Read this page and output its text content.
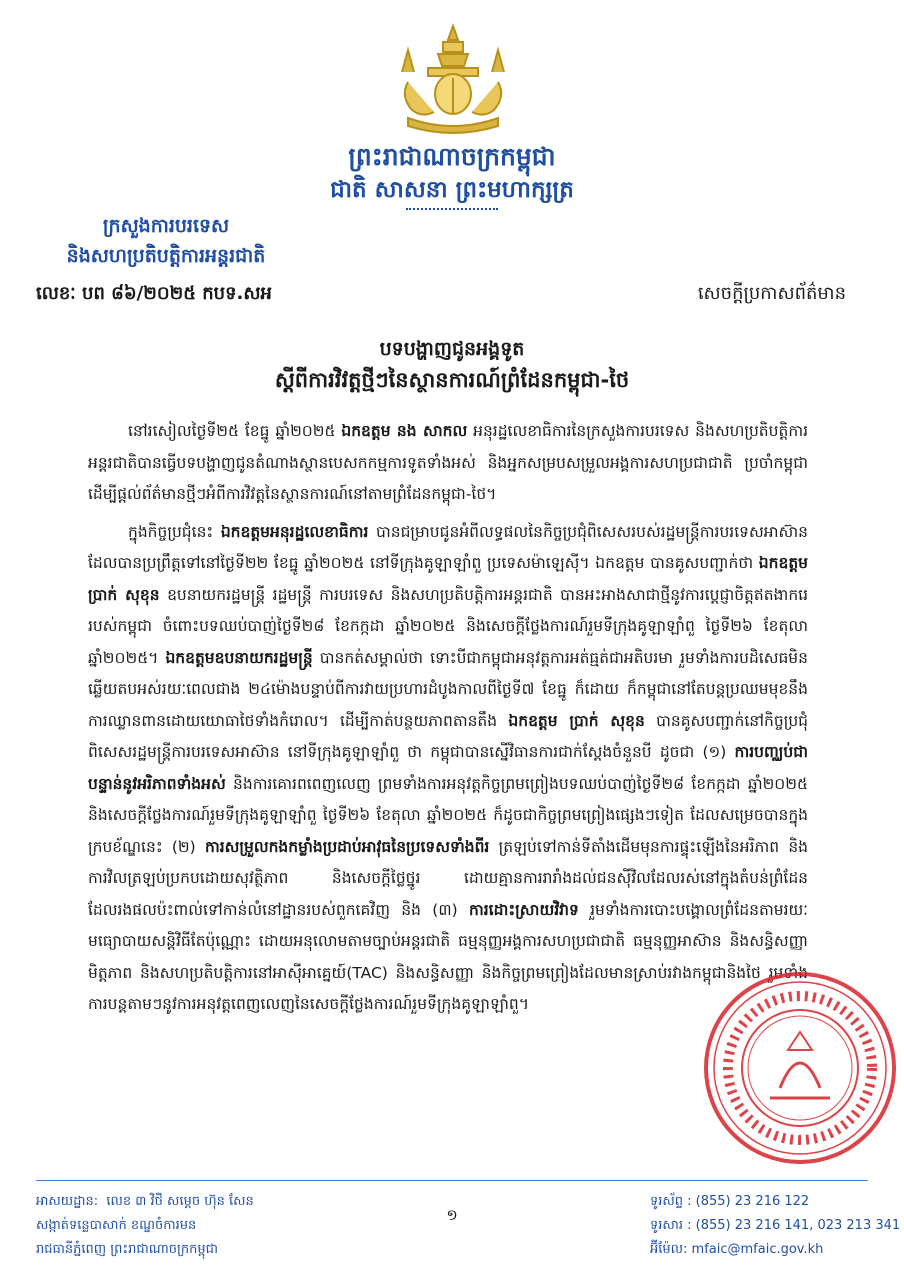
ព្រះរាជាណាចក្រកម្ពុជា
ជាតិ សាសនា ព្រះមហាក្សត្រ
ក្រសួងការបរទេស
និងសហប្រតិបត្តិការអន្តរជាតិ
លេខៈ បព ៨៦/២០២៥ កបទ.សអ	សេចក្ដីប្រកាសព័ត៌មាន
បទបង្ហាញជូនអង្គទូត
ស្ដីពីការវិវត្តថ្មីៗនៃស្ថានការណ៍ព្រំដែនកម្ពុជា-ថៃ

នៅរសៀលថ្ងៃទី២៥ ខែធ្នូ ឆ្នាំ២០២៥ ឯកឧត្តម នង សាកល អនុរដ្ឋលេខាធិការនៃក្រសួងការបរទេស និងសហប្រតិបត្តិការអន្តរជាតិបានធ្វើបទបង្ហាញជូនតំណាងស្ថានបេសកកម្មការទូតទាំងអស់ និងអ្នកសម្របសម្រួលអង្គការសហប្រជាជាតិ ប្រចាំកម្ពុជាដើម្បីផ្តល់ព័ត៌មានថ្មីៗអំពីការវិវត្តនៃស្ថានការណ៍នៅតាមព្រំដែនកម្ពុជា-ថៃ។

ក្នុងកិច្ចប្រជុំនេះ ឯកឧត្តមអនុរដ្ឋលេខាធិការ បានជម្រាបជូនអំពីលទ្ធផលនៃកិច្ចប្រជុំពិសេសរបស់រដ្ឋមន្ត្រីការបរទេសអាស៊ាន ដែលបានប្រព្រឹត្តទៅនៅថ្ងៃទី២២ ខែធ្នូ ឆ្នាំ២០២៥ នៅទីក្រុងគូឡាឡាំពួ ប្រទេសម៉ាឡេស៊ី។ ឯកឧត្តម បានគូសបញ្ជាក់ថា ឯកឧត្តម ប្រាក់ សុខុន ឧបនាយករដ្ឋមន្ត្រី រដ្ឋមន្ត្រី ការបរទេស និងសហប្រតិបត្តិការអន្តរជាតិ បានអះអាងសាជាថ្មីនូវការប្តេជ្ញាចិត្តឥតងាករេរបស់កម្ពុជា ចំពោះបទឈប់បាញ់ថ្ងៃទី២៨ ខែកក្កដា ឆ្នាំ២០២៥ និងសេចក្តីថ្លែងការណ៍រួមទីក្រុងគូឡាឡាំពួ ថ្ងៃទី២៦ ខែតុលា ឆ្នាំ២០២៥។ ឯកឧត្តមឧបនាយករដ្ឋមន្ត្រី បានកត់សម្គាល់ថា ទោះបីជាកម្ពុជាអនុវត្តការអត់ធ្មត់ជាអតិបរមា រួមទាំងការបដិសេធមិនឆ្លើយតបអស់រយៈពេលជាង ២៤ម៉ោងបន្ទាប់ពីការវាយប្រហារដំបូងកាលពីថ្ងៃទី៧ ខែធ្នូ ក៏ដោយ ក៏កម្ពុជានៅតែបន្តប្រឈមមុខនឹងការឈ្លានពានដោយយោធាថៃទាំងកំរោល។ ដើម្បីកាត់បន្ថយភាពតានតឹង ឯកឧត្តម ប្រាក់ សុខុន បានគូសបញ្ជាក់នៅកិច្ចប្រជុំពិសេសរដ្ឋមន្ត្រីការបរទេសអាស៊ាន នៅទីក្រុងគូឡាឡាំពួ ថា កម្ពុជាបានស្នើវិធានការជាក់ស្តែងចំនួនបី ដូចជា (១) ការបញ្ឈប់ជាបន្ទាន់នូវអរិភាពទាំងអស់ និងការគោរពពេញលេញ ព្រមទាំងការអនុវត្តកិច្ចព្រមព្រៀងបទឈប់បាញ់ថ្ងៃទី២៨ ខែកក្កដា ឆ្នាំ២០២៥ និងសេចក្តីថ្លែងការណ៍រួមទីក្រុងគូឡាឡាំពួ ថ្ងៃទី២៦ ខែតុលា ឆ្នាំ២០២៥ ក៏ដូចជាកិច្ចព្រមព្រៀងផ្សេងៗទៀត ដែលសម្រេចបានក្នុងក្របខ័ណ្ឌនេះ (២) ការសម្រួលកងកម្លាំងប្រដាប់អាវុធនៃប្រទេសទាំងពីរ ត្រឡប់ទៅកាន់ទីតាំងដើមមុនការផ្ទុះឡើងនៃអរិភាព និងការវិលត្រឡប់ប្រកបដោយសុវត្ថិភាព និងសេចក្តីថ្លៃថ្នូរ ដោយគ្មានការរារាំងដល់ជនស៊ីវិលដែលរស់នៅក្នុងតំបន់ព្រំដែនដែលរងផលប៉ះពាល់ទៅកាន់លំនៅដ្ឋានរបស់ពួកគេវិញ និង (៣) ការដោះស្រាយវិវាទ រួមទាំងការបោះបង្គោលព្រំដែនតាមរយៈមធ្យោបាយសន្តិវិធីតែប៉ុណ្ណោះ ដោយអនុលោមតាមច្បាប់អន្តរជាតិ ធម្មនុញ្ញអង្គការសហប្រជាជាតិ ធម្មនុញ្ញអាស៊ាន និងសន្ធិសញ្ញាមិត្តភាព និងសហប្រតិបត្តិការនៅអាស៊ីអាគ្នេយ៍(TAC) និងសន្ធិសញ្ញា និងកិច្ចព្រមព្រៀងដែលមានស្រាប់រវាងកម្ពុជានិងថៃ រួមទាំងការបន្តតាមៗនូវការអនុវត្តពេញលេញនៃសេចក្តីថ្លែងការណ៍រួមទីក្រុងគូឡាឡាំពួ។

អាសយដ្ឋាន: លេខ ៣ វិថី សម្តេច ហ៊ុន សែន
សង្កាត់ទន្លេបាសាក់ ខណ្ឌចំការមន
រាជធានីភ្នំពេញ ព្រះរាជាណាចក្រកម្ពុជា
១
ទូរស័ព្ទ : (855) 23 216 122
ទូរសារ : (855) 23 216 141, 023 213 341
អ៊ីម៉ែល: mfaic@mfaic.gov.kh
